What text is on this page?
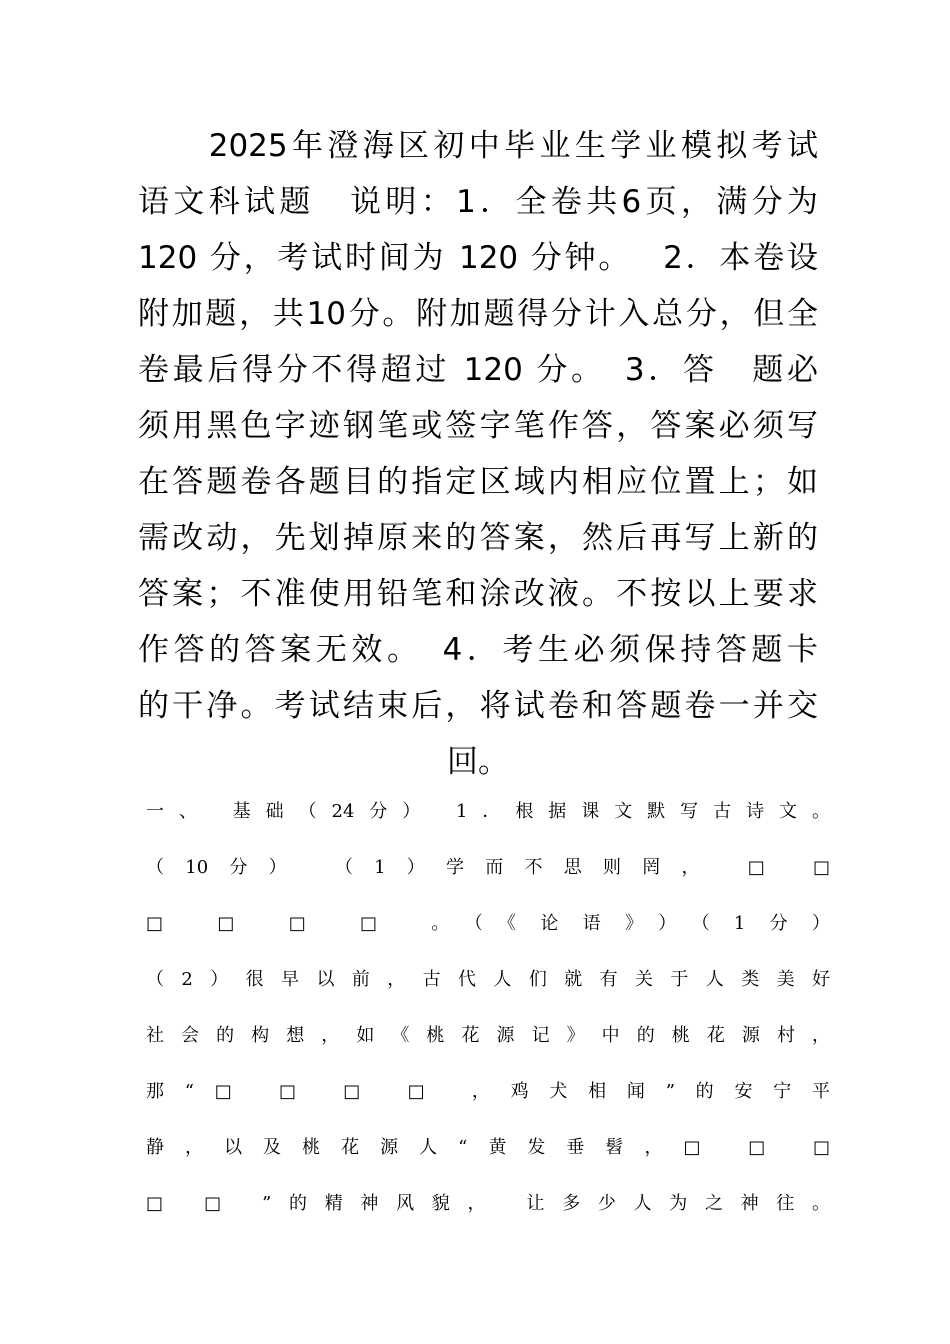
　　2025年澄海区初中毕业生学业模拟考试
语文科试题　说明：1．全卷共6页，满分为
120 分，考试时间为 120 分钟。　 2．本卷设
附加题，共10分。附加题得分计入总分，但全
卷最后得分不得超过 120 分。　3．答　题必
须用黑色字迹钢笔或签字笔作答，答案必须写
在答题卷各题目的指定区域内相应位置上；如
需改动，先划掉原来的答案，然后再写上新的
答案；不准使用铅笔和涂改液。不按以上要求
作答的答案无效。　4．考生必须保持答题卡
的干净。考试结束后，将试卷和答题卷一并交
回。
一、 基础（24分） 1．根据课文默写古诗文。
（10分） （1）学而不思则罔， □ □
□ □ □ □ 。（《论语》）（1分）
（2）很早以前，古代人们就有关于人类美好
社会的构想，如《桃花源记》中的桃花源村，
那“□ □ □ □ ，鸡犬相闻”的安宁平
静，以及桃花源人“黄发垂髫，□ □ □
□ □ ”的精神风貌， 让多少人为之神往。
